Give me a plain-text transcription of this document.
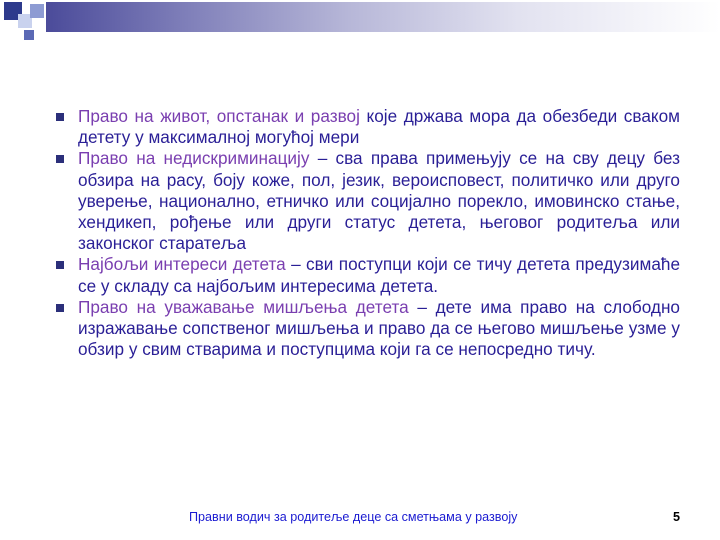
Право на живот, опстанак и развој које држава мора да обезбеди сваком детету у максималној могућој мери
Право на недискриминацију – сва права примењују се на сву децу без обзира на расу, боју коже, пол, језик, вероисповест, политичко или друго уверење, национално, етничко или социјално порекло, имовинско стање, хендикеп, рођење или други статус детета, његовог родитеља или законског старатеља
Најбољи интереси детета – сви поступци који се тичу детета предузимаће се у складу са најбољим интересима детета.
Право на уважавање мишљења детета – дете има право на слободно изражавање сопственог мишљења и право да се његово мишљење узме у обзир у свим стварима и поступцима који га се непосредно тичу.
Правни водич за родитеље деце са сметњама у развоју	5
